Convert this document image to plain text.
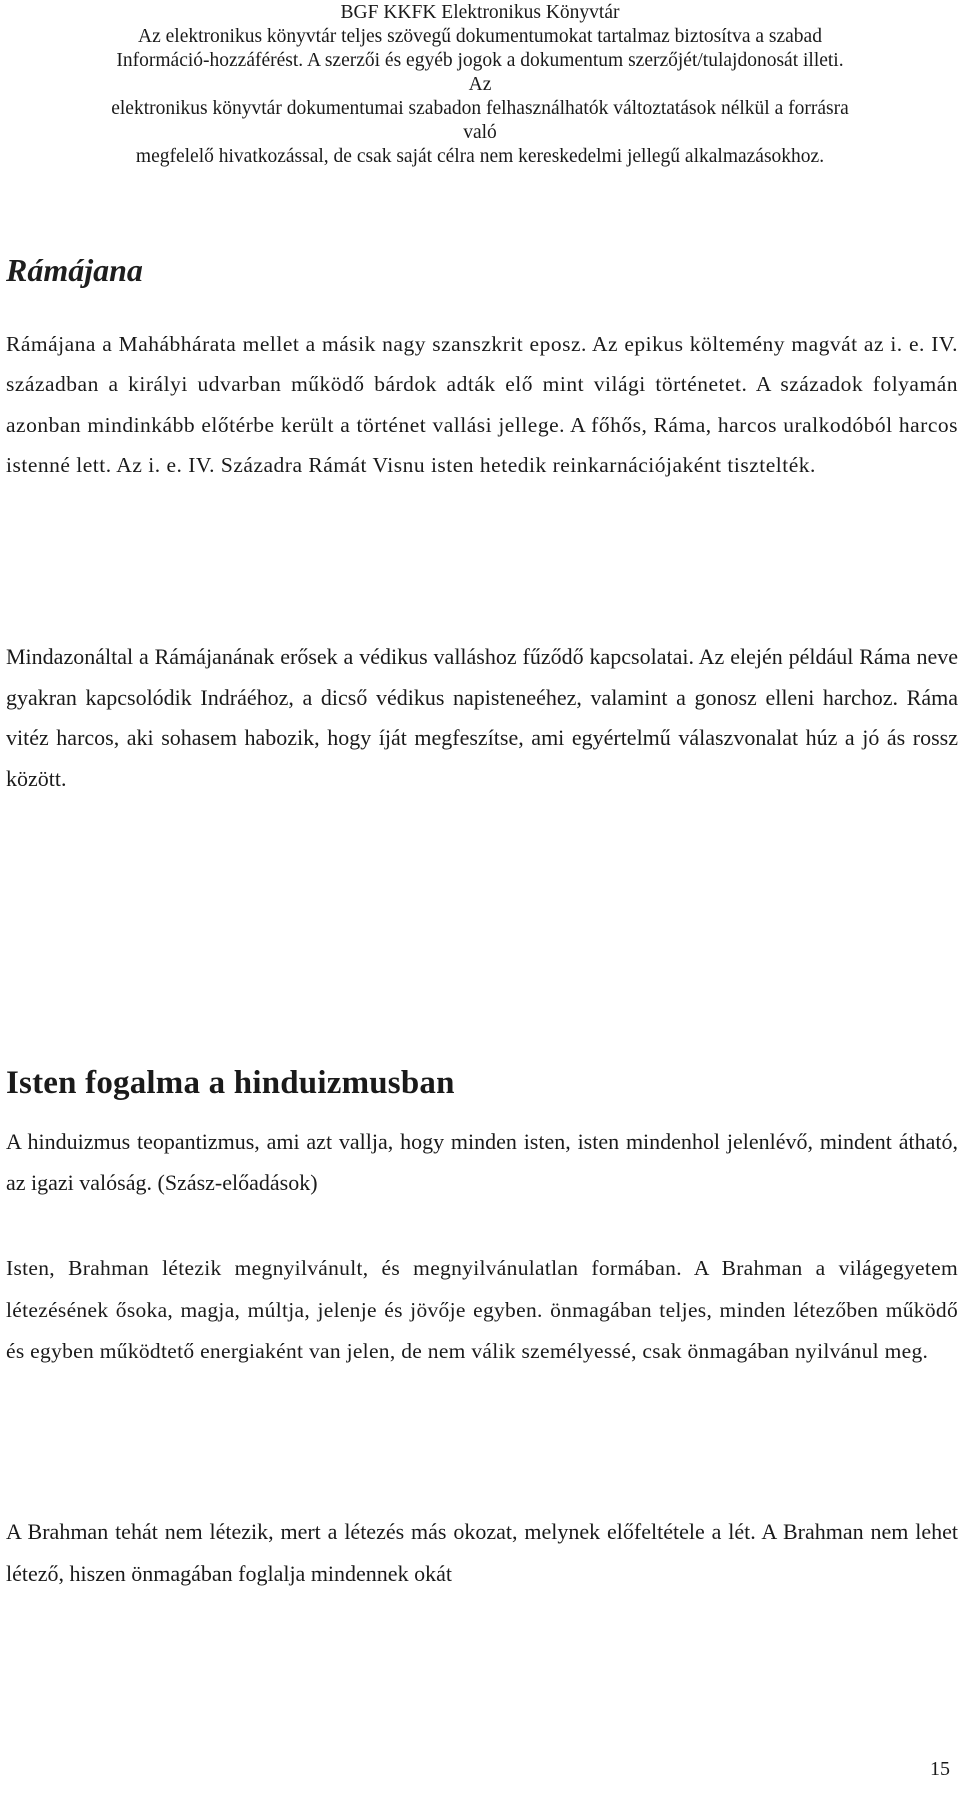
BGF KKFK Elektronikus Könyvtár
Az elektronikus könyvtár teljes szövegű dokumentumokat tartalmaz biztosítva a szabad
Információ-hozzáférést. A szerzői és egyéb jogok a dokumentum szerzőjét/tulajdonosát illeti.
Az
elektronikus könyvtár dokumentumai szabadon felhasználhatók változtatások nélkül a forrásra
való
megfelelő hivatkozással, de csak saját célra nem kereskedelmi jellegű alkalmazásokhoz.
Rámájana

Rámájana a Mahábhárata mellet a másik nagy szanszkrit eposz. Az epikus költemény magvát az i. e. IV. században a királyi udvarban működő bárdok adták elő mint világi történetet. A századok folyamán azonban mindinkább előtérbe került a történet vallási jellege. A főhős, Ráma, harcos uralkodóból harcos istenné lett. Az i. e. IV. Századra Rámát Visnu isten hetedik reinkarnációjaként tisztelték.

Mindazonáltal a Rámájanának erősek a védikus valláshoz fűződő kapcsolatai. Az elején például Ráma neve gyakran kapcsolódik Indráéhoz, a dicső védikus napisteneéhez, valamint a gonosz elleni harchoz. Ráma vitéz harcos, aki sohasem habozik, hogy íját megfeszítse, ami egyértelmű válaszvonalat húz a jó ás rossz között.

Isten fogalma a hinduizmusban

A hinduizmus teopantizmus, ami azt vallja, hogy minden isten, isten mindenhol jelenlévő, mindent átható, az igazi valóság. (Szász-előadások)

Isten, Brahman létezik megnyilvánult, és megnyilvánulatlan formában. A Brahman a világegyetem létezésének ősoka, magja, múltja, jelenje és jövője egyben. önmagában teljes, minden létezőben működő és egyben működtető energiaként van jelen, de nem válik személyessé, csak önmagában nyilvánul meg.

A Brahman tehát nem létezik, mert a létezés más okozat, melynek előfeltétele a lét. A Brahman nem lehet létező, hiszen önmagában foglalja mindennek okát

15
